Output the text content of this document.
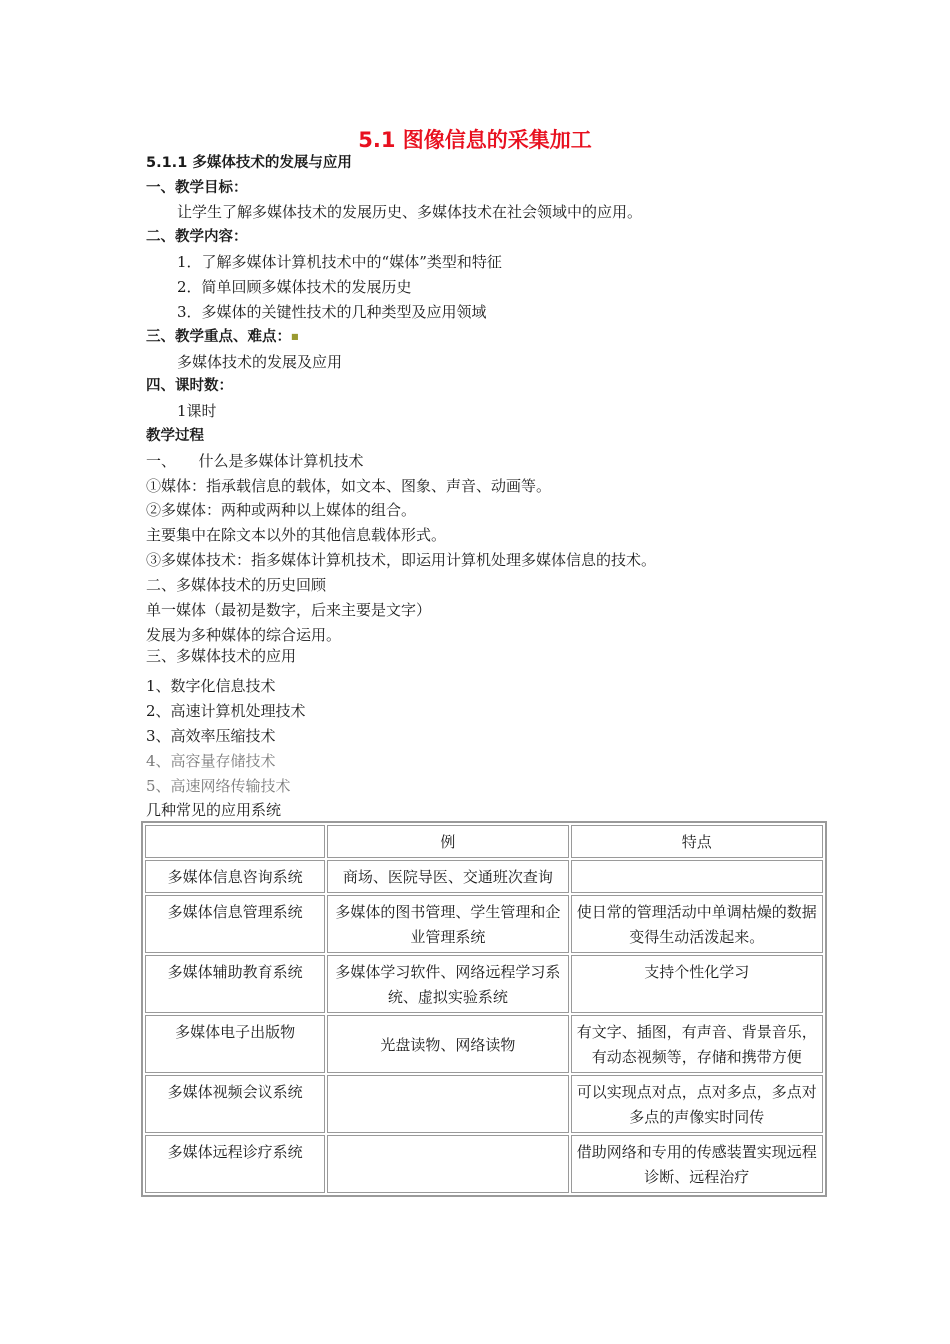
5.1 图像信息的采集加工
5.1.1 多媒体技术的发展与应用
一、教学目标：
让学生了解多媒体技术的发展历史、多媒体技术在社会领域中的应用。
二、教学内容：
1．了解多媒体计算机技术中的“媒体”类型和特征
2．简单回顾多媒体技术的发展历史
3．多媒体的关键性技术的几种类型及应用领域
三、教学重点、难点：■
多媒体技术的发展及应用
四、课时数：
1课时
教学过程
一、　　什么是多媒体计算机技术
①媒体：指承载信息的载体，如文本、图象、声音、动画等。
②多媒体：两种或两种以上媒体的组合。
主要集中在除文本以外的其他信息载体形式。
③多媒体技术：指多媒体计算机技术，即运用计算机处理多媒体信息的技术。
二、多媒体技术的历史回顾
单一媒体（最初是数字，后来主要是文字）
发展为多种媒体的综合运用。
三、多媒体技术的应用
1、数字化信息技术
2、高速计算机处理技术
3、高效率压缩技术
4、高容量存储技术
5、高速网络传输技术
几种常见的应用系统
	例	特点
多媒体信息咨询系统	商场、医院导医、交通班次查询	
多媒体信息管理系统	多媒体的图书管理、学生管理和企业管理系统	使日常的管理活动中单调枯燥的数据变得生动活泼起来。
多媒体辅助教育系统	多媒体学习软件、网络远程学习系统、虚拟实验系统	支持个性化学习
多媒体电子出版物	光盘读物、网络读物	有文字、插图，有声音、背景音乐，有动态视频等，存储和携带方便
多媒体视频会议系统		可以实现点对点，点对多点，多点对多点的声像实时同传
多媒体远程诊疗系统		借助网络和专用的传感装置实现远程诊断、远程治疗
